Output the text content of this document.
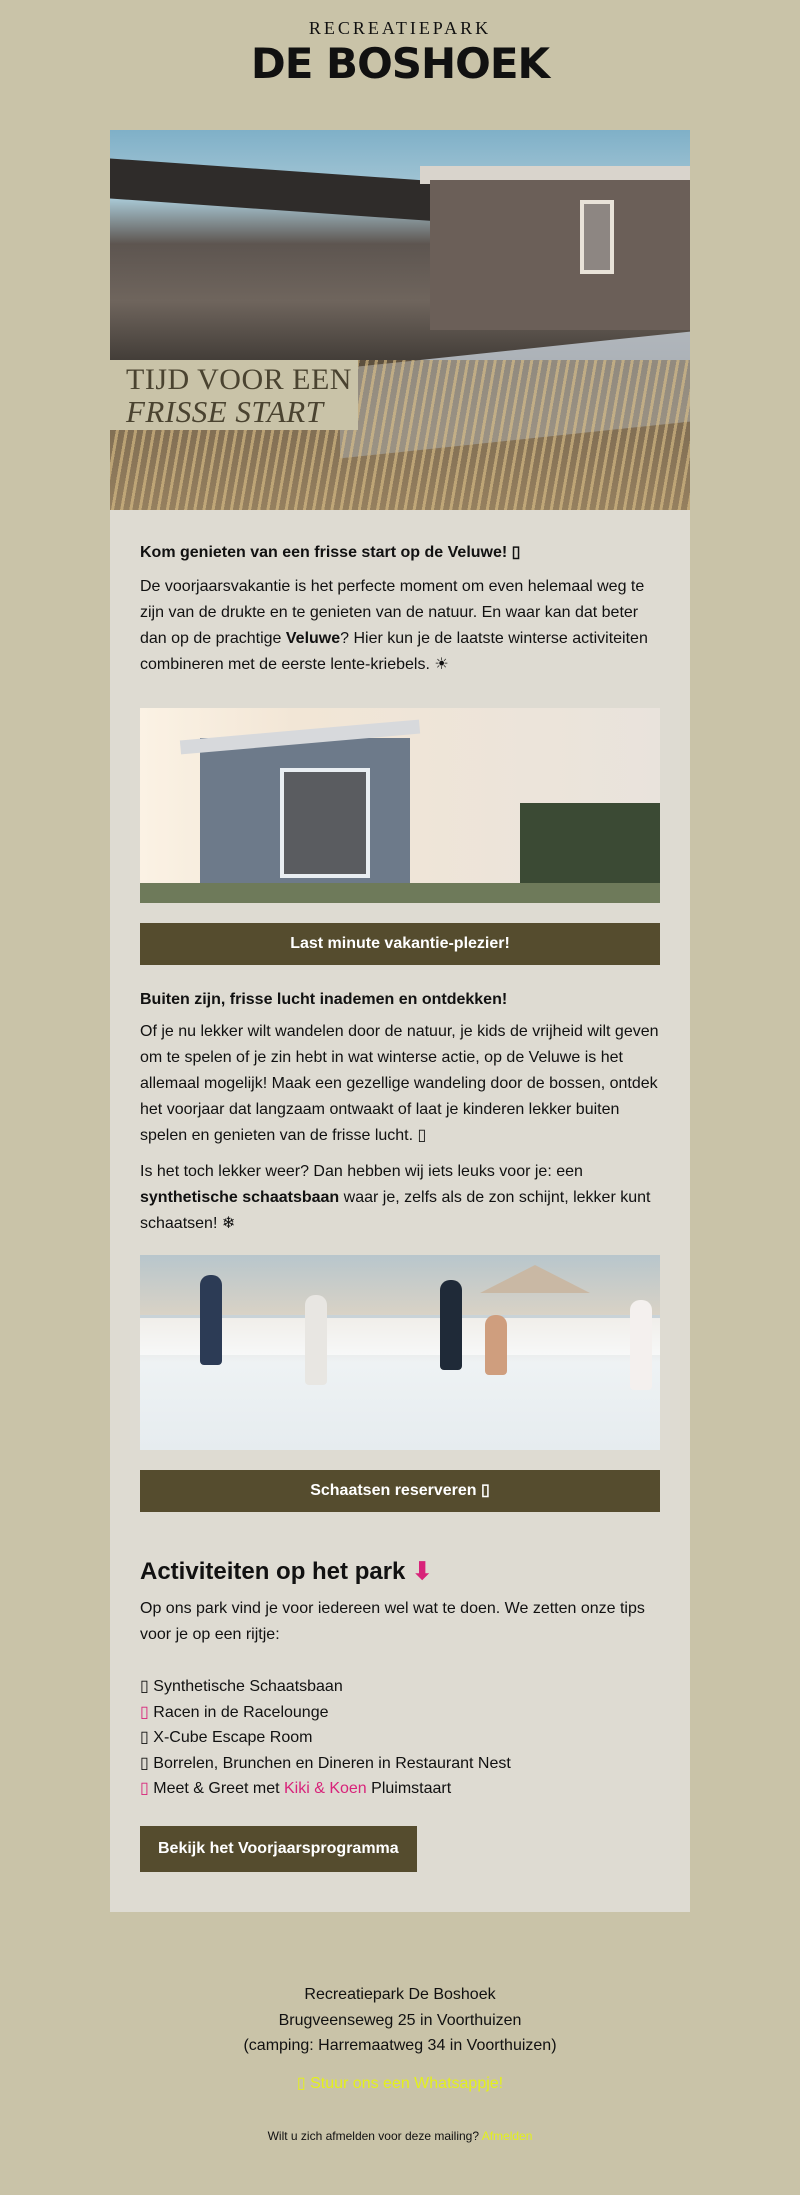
RECREATIEPARK
DE BOSHOEK
TIJD VOOR EEN
FRISSE START
Kom genieten van een frisse start op de Veluwe! ▯

De voorjaarsvakantie is het perfecte moment om even helemaal weg te zijn van de drukte en te genieten van de natuur. En waar kan dat beter dan op de prachtige Veluwe? Hier kun je de laatste winterse activiteiten combineren met de eerste lente-kriebels. ☀

Last minute vakantie-plezier!
Buiten zijn, frisse lucht inademen en ontdekken!

Of je nu lekker wilt wandelen door de natuur, je kids de vrijheid wilt geven om te spelen of je zin hebt in wat winterse actie, op de Veluwe is het allemaal mogelijk! Maak een gezellige wandeling door de bossen, ontdek het voorjaar dat langzaam ontwaakt of laat je kinderen lekker buiten spelen en genieten van de frisse lucht. ▯

Is het toch lekker weer? Dan hebben wij iets leuks voor je: een synthetische schaatsbaan waar je, zelfs als de zon schijnt, lekker kunt schaatsen! ❄

Schaatsen reserveren ▯
Activiteiten op het park ⬇

Op ons park vind je voor iedereen wel wat te doen. We zetten onze tips voor je op een rijtje:

▯ Synthetische Schaatsbaan
▯ Racen in de Racelounge
▯ X-Cube Escape Room
▯ Borrelen, Brunchen en Dineren in Restaurant Nest
▯ Meet & Greet met Kiki & Koen Pluimstaart
Bekijk het Voorjaarsprogramma
Recreatiepark De Boshoek
Brugveenseweg 25 in Voorthuizen
(camping: Harremaatweg 34 in Voorthuizen)
▯ Stuur ons een Whatsappje!
Wilt u zich afmelden voor deze mailing? Afmelden
